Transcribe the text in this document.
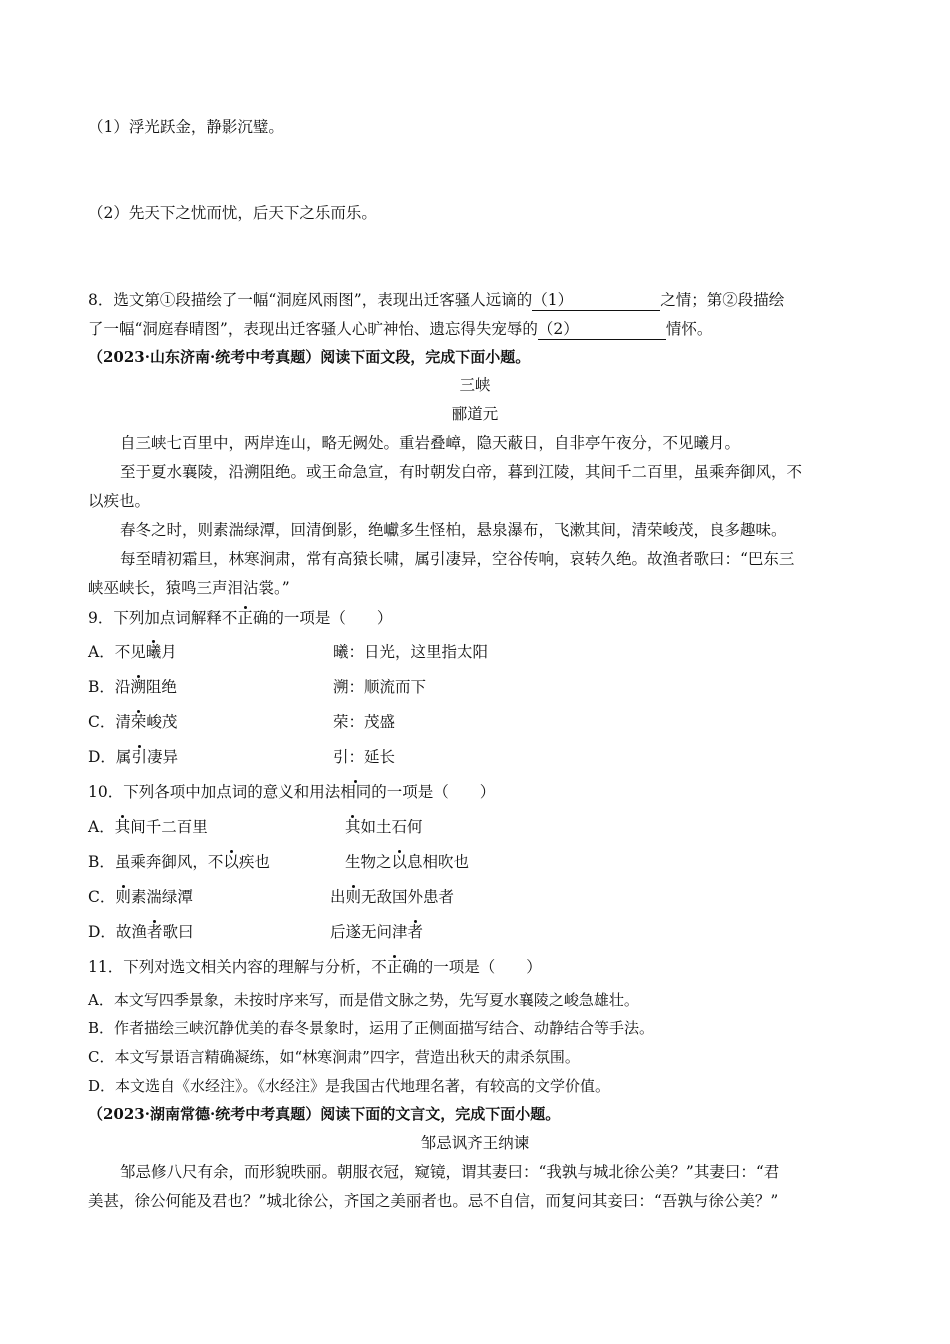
（1）浮光跃金，静影沉璧。
（2）先天下之忧而忧，后天下之乐而乐。
8．选文第①段描绘了一幅“洞庭风雨图”，表现出迁客骚人远谪的（1）	之情；第②段描绘
了一幅“洞庭春晴图”，表现出迁客骚人心旷神怡、遗忘得失宠辱的（2）	情怀。
（2023·山东济南·统考中考真题）阅读下面文段，完成下面小题。
三峡
郦道元
自三峡七百里中，两岸连山，略无阙处。重岩叠嶂，隐天蔽日，自非亭午夜分，不见曦月。
至于夏水襄陵，沿溯阻绝。或王命急宣，有时朝发白帝，暮到江陵，其间千二百里，虽乘奔御风，不
以疾也。
春冬之时，则素湍绿潭，回清倒影，绝巘多生怪柏，悬泉瀑布，飞漱其间，清荣峻茂，良多趣味。
每至晴初霜旦，林寒涧肃，常有高猿长啸，属引凄异，空谷传响，哀转久绝。故渔者歌曰：“巴东三
峡巫峡长，猿鸣三声泪沾裳。”
9．下列加点词解释不正确的一项是（　　）
A．不见曦月	曦：日光，这里指太阳
B．沿溯阻绝	溯：顺流而下
C．清荣峻茂	荣：茂盛
D．属引凄异	引：延长
10．下列各项中加点词的意义和用法相同的一项是（　　）
A．其间千二百里	其如土石何
B．虽乘奔御风，不以疾也	生物之以息相吹也
C．则素湍绿潭	出则无敌国外患者
D．故渔者歌曰	后遂无问津者
11．下列对选文相关内容的理解与分析，不正确的一项是（　　）
A．本文写四季景象，未按时序来写，而是借文脉之势，先写夏水襄陵之峻急雄壮。
B．作者描绘三峡沉静优美的春冬景象时，运用了正侧面描写结合、动静结合等手法。
C．本文写景语言精确凝练，如“林寒涧肃”四字，营造出秋天的肃杀氛围。
D．本文选自《水经注》。《水经注》是我国古代地理名著，有较高的文学价值。
（2023·湖南常德·统考中考真题）阅读下面的文言文，完成下面小题。
邹忌讽齐王纳谏
邹忌修八尺有余，而形貌昳丽。朝服衣冠，窥镜，谓其妻曰：“我孰与城北徐公美？”其妻曰：“君
美甚，徐公何能及君也？”城北徐公，齐国之美丽者也。忌不自信，而复问其妾曰：“吾孰与徐公美？”
